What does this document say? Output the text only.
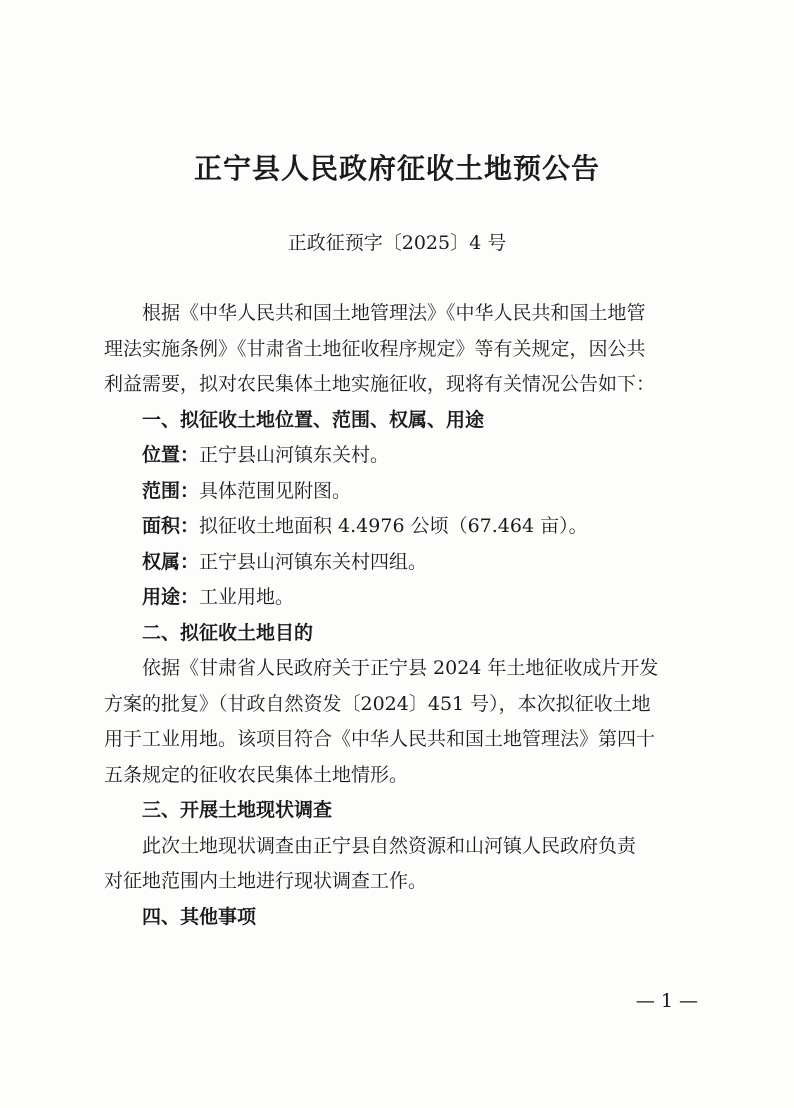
正宁县人民政府征收土地预公告
正政征预字〔2025〕4 号
根据《中华人民共和国土地管理法》《中华人民共和国土地管
理法实施条例》《甘肃省土地征收程序规定》等有关规定，因公共
利益需要，拟对农民集体土地实施征收，现将有关情况公告如下：
一、拟征收土地位置、范围、权属、用途
位置：正宁县山河镇东关村。
范围：具体范围见附图。
面积：拟征收土地面积 4.4976 公顷（67.464 亩）。
权属：正宁县山河镇东关村四组。
用途：工业用地。
二、拟征收土地目的
依据《甘肃省人民政府关于正宁县 2024 年土地征收成片开发
方案的批复》（甘政自然资发〔2024〕451 号），本次拟征收土地
用于工业用地。该项目符合《中华人民共和国土地管理法》第四十
五条规定的征收农民集体土地情形。
三、开展土地现状调查
此次土地现状调查由正宁县自然资源和山河镇人民政府负责
对征地范围内土地进行现状调查工作。
四、其他事项
— 1 —
